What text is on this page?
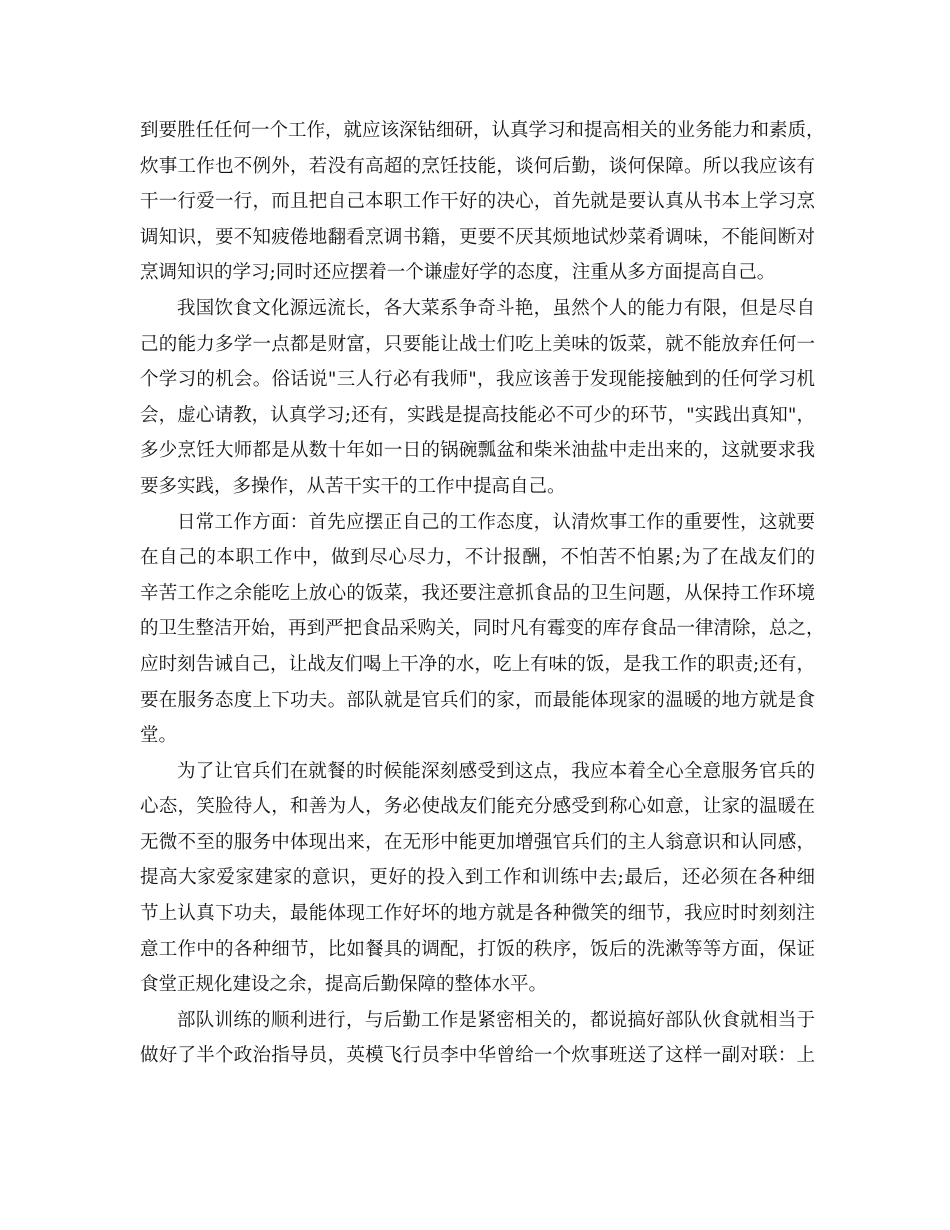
到要胜任任何一个工作，就应该深钻细研，认真学习和提高相关的业务能力和素质，
炊事工作也不例外，若没有高超的烹饪技能，谈何后勤，谈何保障。所以我应该有
干一行爱一行，而且把自己本职工作干好的决心，首先就是要认真从书本上学习烹
调知识，要不知疲倦地翻看烹调书籍，更要不厌其烦地试炒菜肴调味，不能间断对
烹调知识的学习;同时还应摆着一个谦虚好学的态度，注重从多方面提高自己。
我国饮食文化源远流长，各大菜系争奇斗艳，虽然个人的能力有限，但是尽自
己的能力多学一点都是财富，只要能让战士们吃上美味的饭菜，就不能放弃任何一
个学习的机会。俗话说"三人行必有我师"，我应该善于发现能接触到的任何学习机
会，虚心请教，认真学习;还有，实践是提高技能必不可少的环节，"实践出真知"，
多少烹饪大师都是从数十年如一日的锅碗瓢盆和柴米油盐中走出来的，这就要求我
要多实践，多操作，从苦干实干的工作中提高自己。
日常工作方面：首先应摆正自己的工作态度，认清炊事工作的重要性，这就要
在自己的本职工作中，做到尽心尽力，不计报酬，不怕苦不怕累;为了在战友们的
辛苦工作之余能吃上放心的饭菜，我还要注意抓食品的卫生问题，从保持工作环境
的卫生整洁开始，再到严把食品采购关，同时凡有霉变的库存食品一律清除，总之，
应时刻告诫自己，让战友们喝上干净的水，吃上有味的饭，是我工作的职责;还有，
要在服务态度上下功夫。部队就是官兵们的家，而最能体现家的温暖的地方就是食
堂。
为了让官兵们在就餐的时候能深刻感受到这点，我应本着全心全意服务官兵的
心态，笑脸待人，和善为人，务必使战友们能充分感受到称心如意，让家的温暖在
无微不至的服务中体现出来，在无形中能更加增强官兵们的主人翁意识和认同感，
提高大家爱家建家的意识，更好的投入到工作和训练中去;最后，还必须在各种细
节上认真下功夫，最能体现工作好坏的地方就是各种微笑的细节，我应时时刻刻注
意工作中的各种细节，比如餐具的调配，打饭的秩序，饭后的洗漱等等方面，保证
食堂正规化建设之余，提高后勤保障的整体水平。
部队训练的顺利进行，与后勤工作是紧密相关的，都说搞好部队伙食就相当于
做好了半个政治指导员，英模飞行员李中华曾给一个炊事班送了这样一副对联：上
